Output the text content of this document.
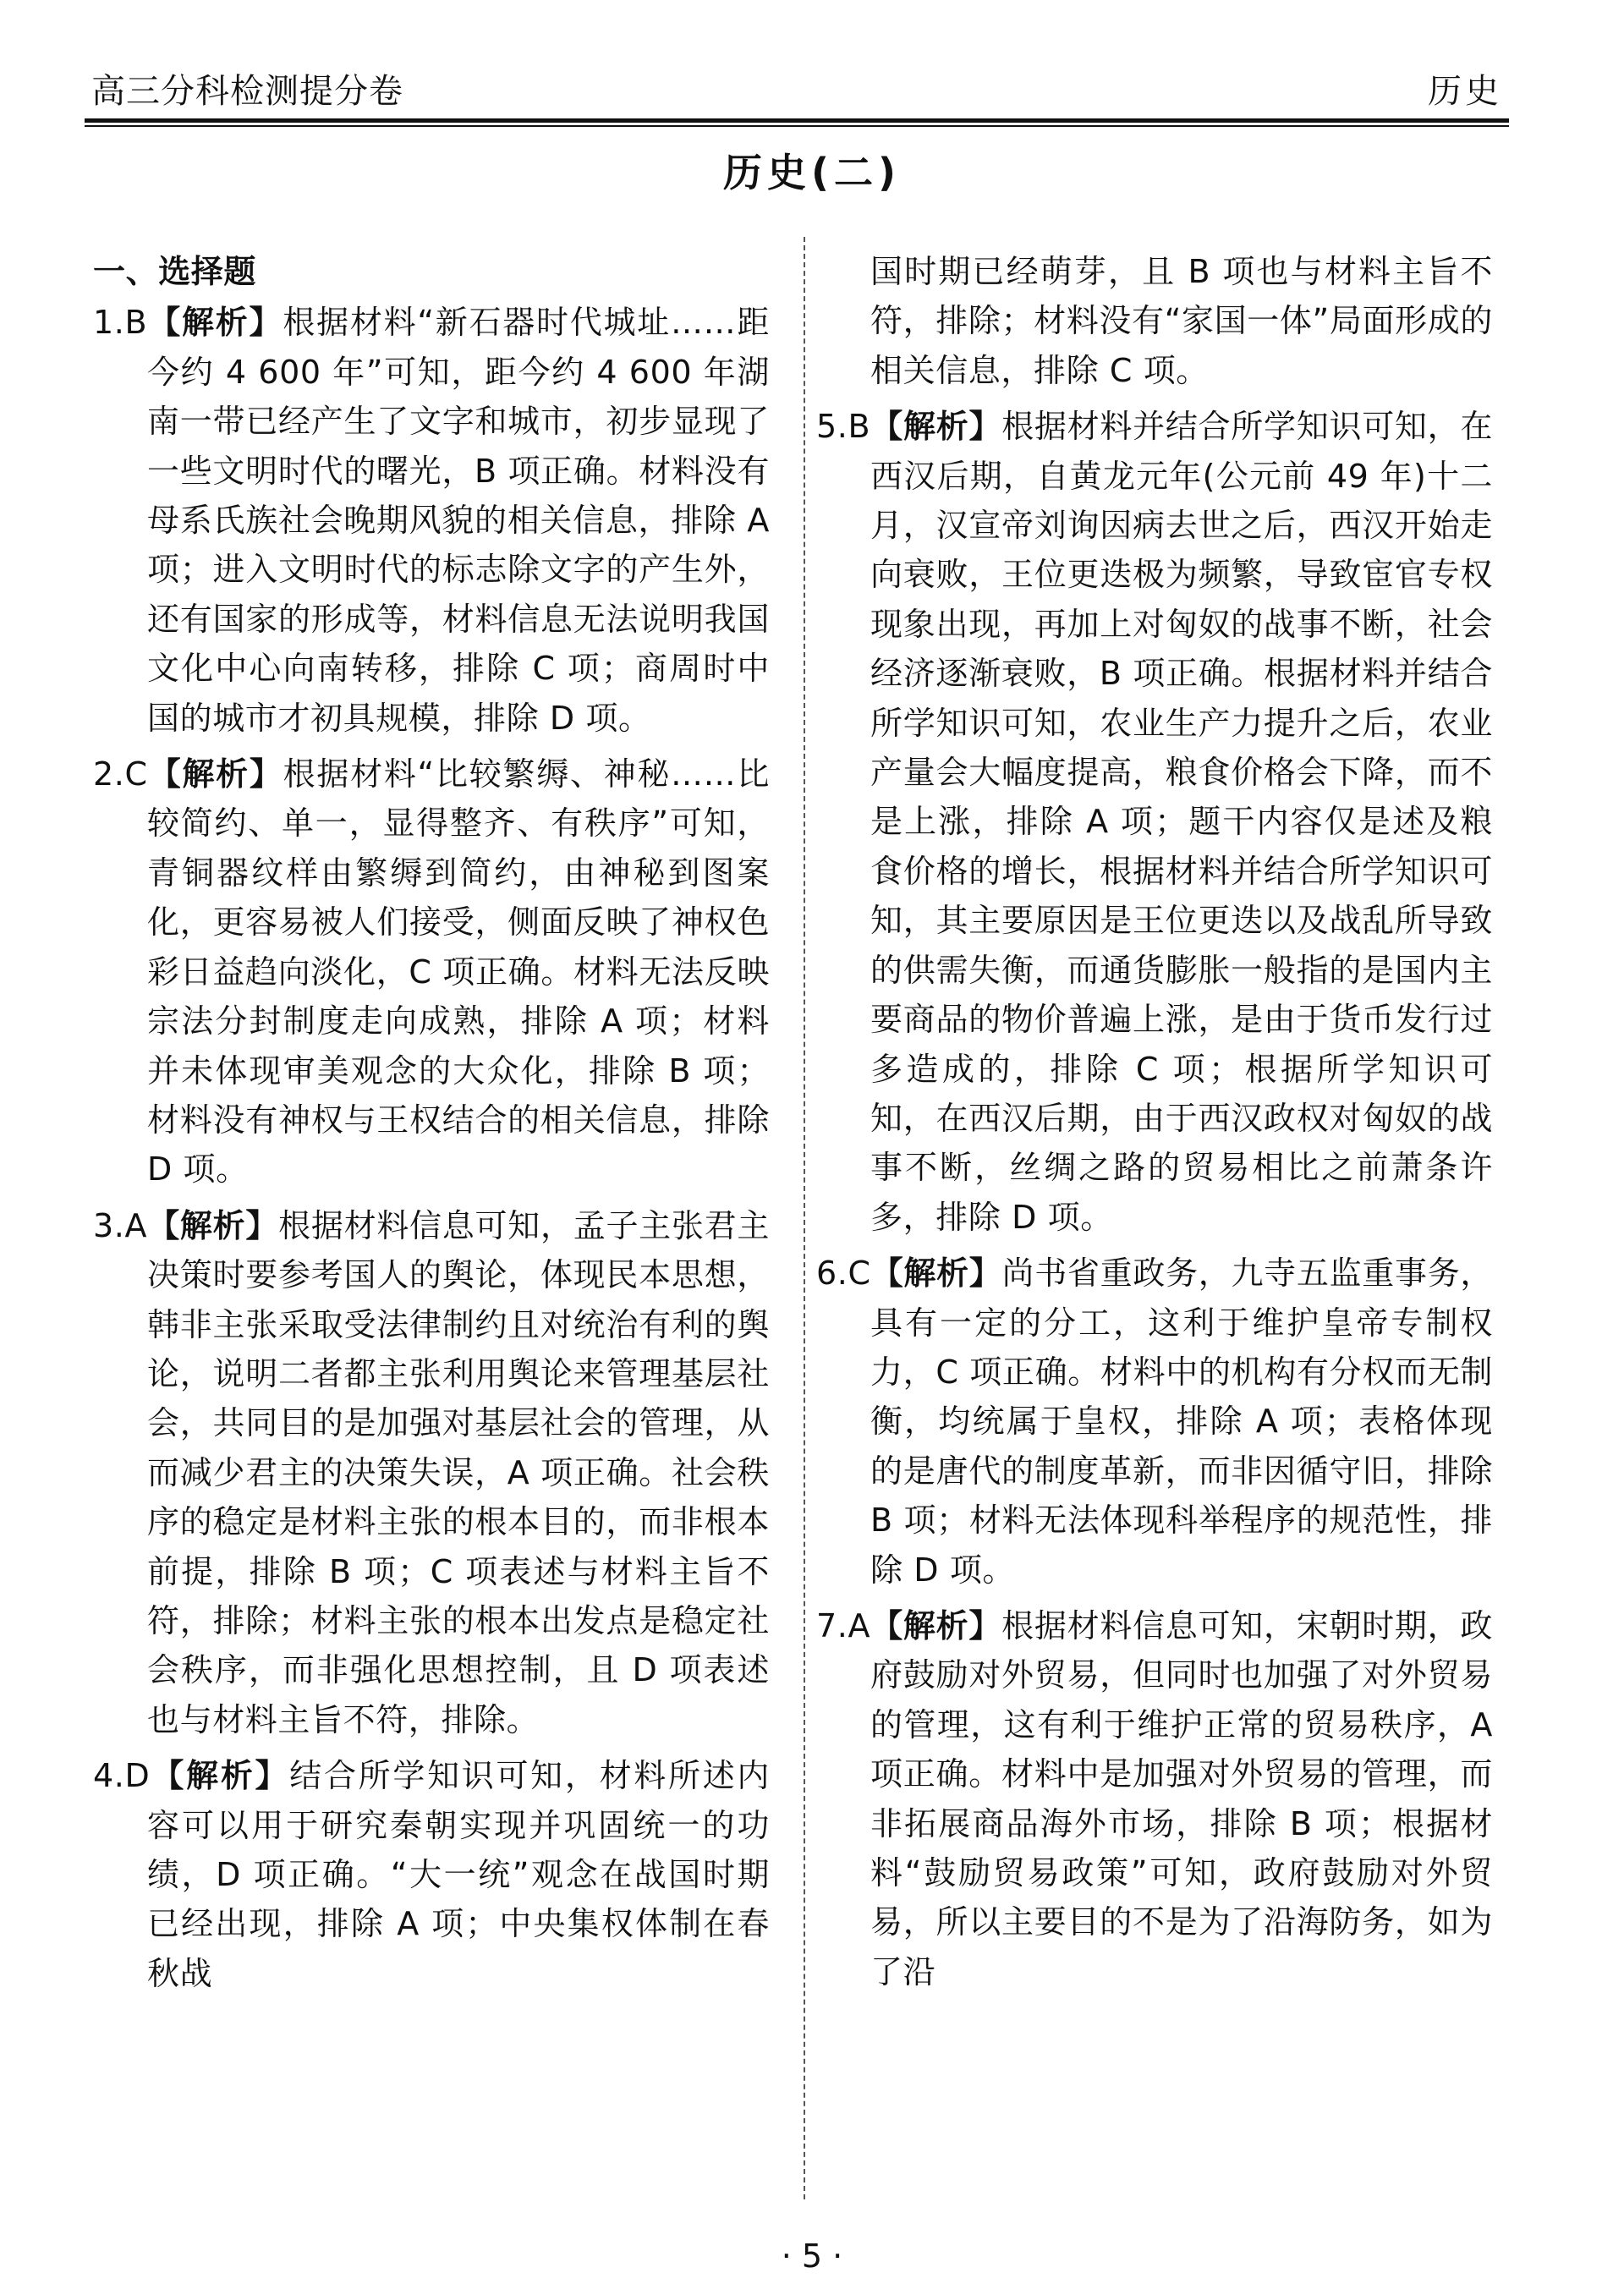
高三分科检测提分卷	历史
历史(二)
一、选择题

1.B【解析】根据材料“新石器时代城址……距今约 4 600 年”可知，距今约 4 600 年湖南一带已经产生了文字和城市，初步显现了一些文明时代的曙光，B 项正确。材料没有母系氏族社会晚期风貌的相关信息，排除 A 项；进入文明时代的标志除文字的产生外，还有国家的形成等，材料信息无法说明我国文化中心向南转移，排除 C 项；商周时中国的城市才初具规模，排除 D 项。

2.C【解析】根据材料“比较繁缛、神秘……比较简约、单一，显得整齐、有秩序”可知，青铜器纹样由繁缛到简约，由神秘到图案化，更容易被人们接受，侧面反映了神权色彩日益趋向淡化，C 项正确。材料无法反映宗法分封制度走向成熟，排除 A 项；材料并未体现审美观念的大众化，排除 B 项；材料没有神权与王权结合的相关信息，排除 D 项。

3.A【解析】根据材料信息可知，孟子主张君主决策时要参考国人的舆论，体现民本思想，韩非主张采取受法律制约且对统治有利的舆论，说明二者都主张利用舆论来管理基层社会，共同目的是加强对基层社会的管理，从而减少君主的决策失误，A 项正确。社会秩序的稳定是材料主张的根本目的，而非根本前提，排除 B 项；C 项表述与材料主旨不符，排除；材料主张的根本出发点是稳定社会秩序，而非强化思想控制，且 D 项表述也与材料主旨不符，排除。

4.D【解析】结合所学知识可知，材料所述内容可以用于研究秦朝实现并巩固统一的功绩，D 项正确。“大一统”观念在战国时期已经出现，排除 A 项；中央集权体制在春秋战

国时期已经萌芽，且 B 项也与材料主旨不符，排除；材料没有“家国一体”局面形成的相关信息，排除 C 项。

5.B【解析】根据材料并结合所学知识可知，在西汉后期，自黄龙元年(公元前 49 年)十二月，汉宣帝刘询因病去世之后，西汉开始走向衰败，王位更迭极为频繁，导致宦官专权现象出现，再加上对匈奴的战事不断，社会经济逐渐衰败，B 项正确。根据材料并结合所学知识可知，农业生产力提升之后，农业产量会大幅度提高，粮食价格会下降，而不是上涨，排除 A 项；题干内容仅是述及粮食价格的增长，根据材料并结合所学知识可知，其主要原因是王位更迭以及战乱所导致的供需失衡，而通货膨胀一般指的是国内主要商品的物价普遍上涨，是由于货币发行过多造成的，排除 C 项；根据所学知识可知，在西汉后期，由于西汉政权对匈奴的战事不断，丝绸之路的贸易相比之前萧条许多，排除 D 项。

6.C【解析】尚书省重政务，九寺五监重事务，具有一定的分工，这利于维护皇帝专制权力，C 项正确。材料中的机构有分权而无制衡，均统属于皇权，排除 A 项；表格体现的是唐代的制度革新，而非因循守旧，排除 B 项；材料无法体现科举程序的规范性，排除 D 项。

7.A【解析】根据材料信息可知，宋朝时期，政府鼓励对外贸易，但同时也加强了对外贸易的管理，这有利于维护正常的贸易秩序，A 项正确。材料中是加强对外贸易的管理，而非拓展商品海外市场，排除 B 项；根据材料“鼓励贸易政策”可知，政府鼓励对外贸易，所以主要目的不是为了沿海防务，如为了沿

· 5 ·
